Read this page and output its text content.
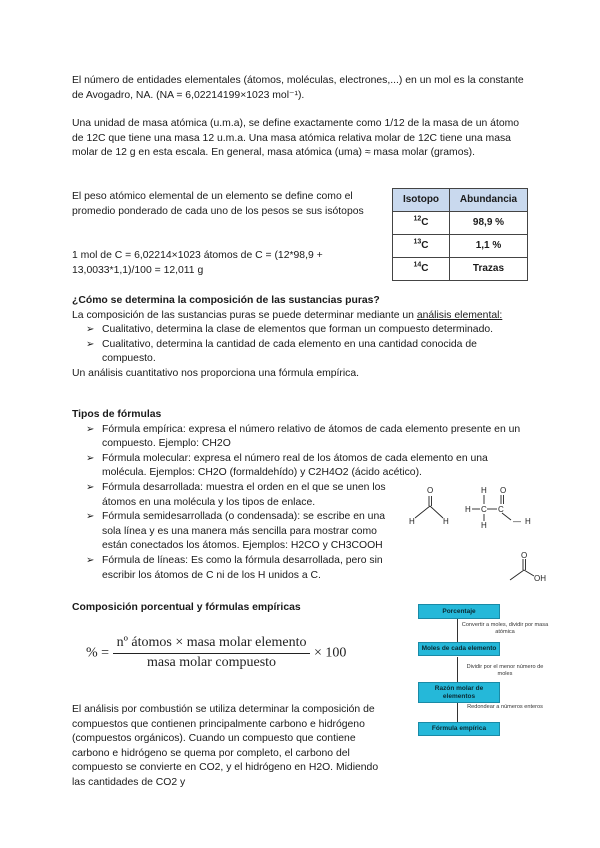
El número de entidades elementales (átomos, moléculas, electrones,...) en un mol es la constante de Avogadro, NA. (NA = 6,02214199×1023 mol⁻¹).

Una unidad de masa atómica (u.m.a), se define exactamente como 1/12 de la masa de un átomo de 12C que tiene una masa 12 u.m.a. Una masa atómica relativa molar de 12C tiene una masa molar de 12 g en esta escala. En general, masa atómica (uma) ≈ masa molar (gramos).

El peso atómico elemental de un elemento se define como el promedio ponderado de cada uno de los pesos se sus isótopos

1 mol de C = 6,02214×1023 átomos de C = (12*98,9 + 13,0033*1,1)/100 = 12,011 g

Isotopo	Abundancia
$^{12}$C	98,9 %
$^{13}$C	1,1 %
$^{14}$C	Trazas

¿Cómo se determina la composición de las sustancias puras?

La composición de las sustancias puras se puede determinar mediante un análisis elemental:

➢ Cualitativo, determina la clase de elementos que forman un compuesto determinado.
➢ Cualitativo, determina la cantidad de cada elemento en una cantidad conocida de compuesto.

Un análisis cuantitativo nos proporciona una fórmula empírica.

Tipos de fórmulas

➢ Fórmula empírica: expresa el número relativo de átomos de cada elemento presente en un compuesto. Ejemplo: CH2O
➢ Fórmula molecular: expresa el número real de los átomos de cada elemento en una molécula. Ejemplos: CH2O (formaldehído) y C2H4O2 (ácido acético).
➢ Fórmula desarrollada: muestra el orden en el que se unen los átomos en una molécula y los tipos de enlace.
➢ Fórmula semidesarrollada (o condensada): se escribe en una sola línea y es una manera más sencilla para mostrar como están conectados los átomos. Ejemplos: H2CO y CH3COOH
➢ Fórmula de líneas: Es como la fórmula desarrollada, pero sin escribir los átomos de C ni de los H unidos a C.
O
H	H
H O
H C C
— H
H
O
OH

Composición porcentual y fórmulas empíricas

% = $\frac{\text{nº átomos × masa molar elemento}}{\text{masa molar compuesto}} \times 100$

El análisis por combustión se utiliza determinar la composición de compuestos que contienen principalmente carbono e hidrógeno (compuestos orgánicos). Cuando un compuesto que contiene carbono e hidrógeno se quema por completo, el carbono del compuesto se convierte en CO2, y el hidrógeno en H2O. Midiendo las cantidades de CO2 y

Porcentaje
Convertir a moles, dividir por masa atómica
Moles de cada elemento
Dividir por el menor número de moles
Razón molar de elementos
Redondear a números enteros
Fórmula empírica
